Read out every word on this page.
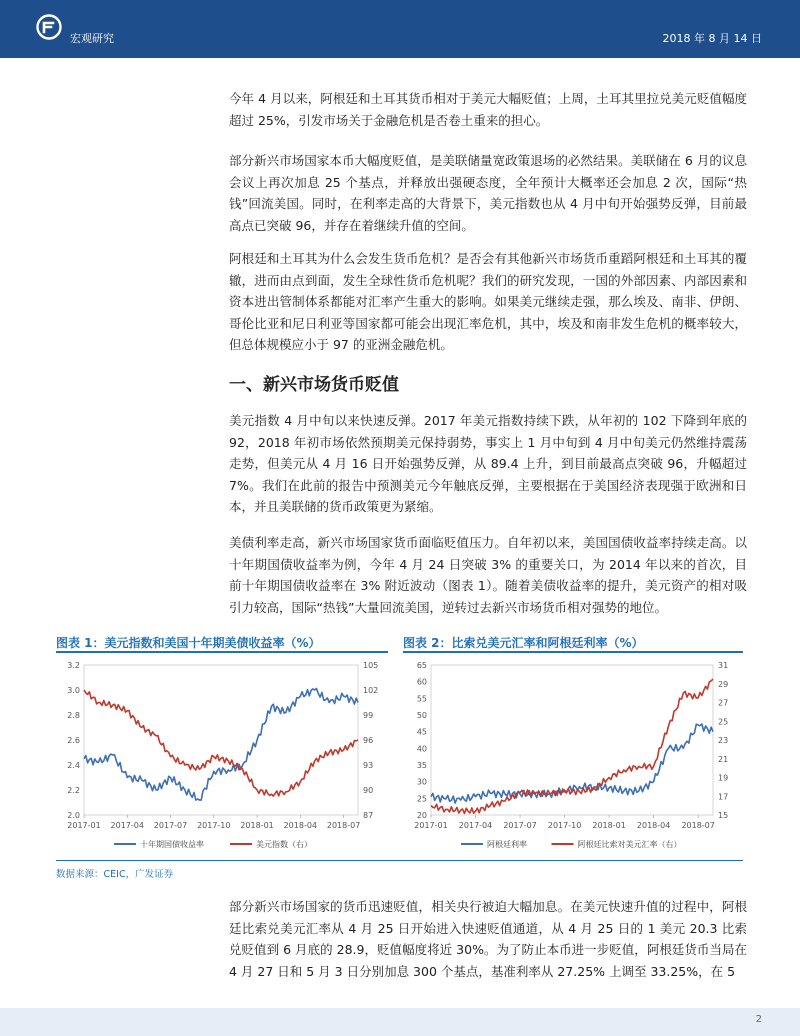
宏观研究	2018 年 8 月 14 日
今年 4 月以来，阿根廷和土耳其货币相对于美元大幅贬值；上周，土耳其里拉兑美元贬值幅度超过 25%，引发市场关于金融危机是否卷土重来的担心。
部分新兴市场国家本币大幅度贬值，是美联储量宽政策退场的必然结果。美联储在 6 月的议息会议上再次加息 25 个基点，并释放出强硬态度，全年预计大概率还会加息 2 次，国际“热钱”回流美国。同时，在利率走高的大背景下，美元指数也从 4 月中旬开始强势反弹，目前最高点已突破 96，并存在着继续升值的空间。
阿根廷和土耳其为什么会发生货币危机？是否会有其他新兴市场货币重蹈阿根廷和土耳其的覆辙，进而由点到面，发生全球性货币危机呢？我们的研究发现，一国的外部因素、内部因素和资本进出管制体系都能对汇率产生重大的影响。如果美元继续走强，那么埃及、南非、伊朗、哥伦比亚和尼日利亚等国家都可能会出现汇率危机，其中，埃及和南非发生危机的概率较大，但总体规模应小于 97 的亚洲金融危机。
一、新兴市场货币贬值
美元指数 4 月中旬以来快速反弹。2017 年美元指数持续下跌，从年初的 102 下降到年底的 92，2018 年初市场依然预期美元保持弱势，事实上 1 月中旬到 4 月中旬美元仍然维持震荡走势，但美元从 4 月 16 日开始强势反弹，从 89.4 上升，到目前最高点突破 96，升幅超过 7%。我们在此前的报告中预测美元今年触底反弹，主要根据在于美国经济表现强于欧洲和日本，并且美联储的货币政策更为紧缩。
美债利率走高，新兴市场国家货币面临贬值压力。自年初以来，美国国债收益率持续走高。以十年期国债收益率为例，今年 4 月 24 日突破 3% 的重要关口，为 2014 年以来的首次，目前十年期国债收益率在 3% 附近波动（图表 1）。随着美债收益率的提升，美元资产的相对吸引力较高，国际“热钱”大量回流美国，逆转过去新兴市场货币相对强势的地位。
图表 1：美元指数和美国十年期美债收益率（%）	图表 2：比索兑美元汇率和阿根廷利率（%）
2.0
2.2
2.4
2.6
2.8
3.0
3.2
87
90
93
96
99
102
105
2017-01 2017-04 2017-07 2017-10 2018-01 2018-04 2018-07
十年期国债收益率	美元指数（右）
20
25
30
35
40
45
50
55
60
65
15
17
19
21
23
25
27
29
31
2017-01 2017-04 2017-07 2017-10 2018-01 2018-04 2018-07
阿根廷利率	阿根廷比索对美元汇率（右）
数据来源：CEIC，广发证券
部分新兴市场国家的货币迅速贬值，相关央行被迫大幅加息。在美元快速升值的过程中，阿根廷比索兑美元汇率从 4 月 25 日开始进入快速贬值通道，从 4 月 25 日的 1 美元 20.3 比索兑贬值到 6 月底的 28.9，贬值幅度将近 30%。为了防止本币进一步贬值，阿根廷货币当局在 4 月 27 日和 5 月 3 日分别加息 300 个基点，基准利率从 27.25% 上调至 33.25%，在 5
2
